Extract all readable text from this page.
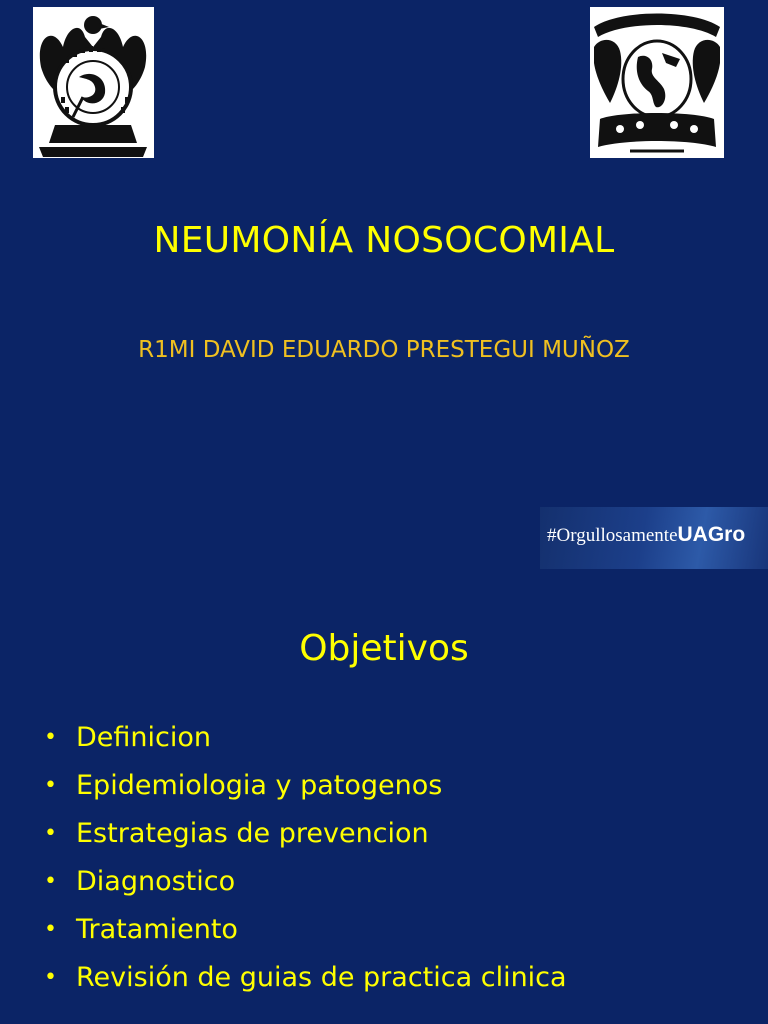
NEUMONÍA NOSOCOMIAL
R1MI DAVID EDUARDO PRESTEGUI MUÑOZ
#OrgullosamenteUAGro
Objetivos
• Definicion
• Epidemiologia y patogenos
• Estrategias de prevencion
• Diagnostico
• Tratamiento
• Revisión de guias de practica clinica
